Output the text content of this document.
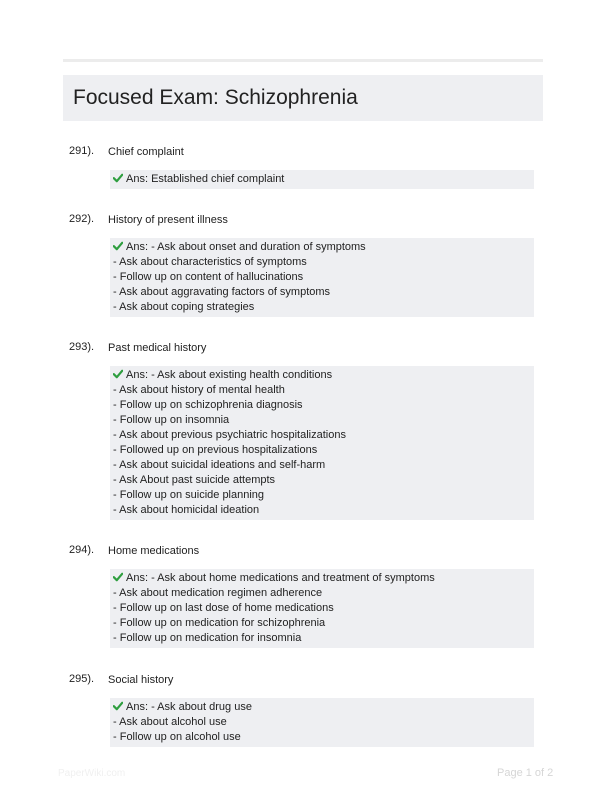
Focused Exam: Schizophrenia
291). Chief complaint
Ans: Established chief complaint
292). History of present illness
Ans: - Ask about onset and duration of symptoms
- Ask about characteristics of symptoms
- Follow up on content of hallucinations
- Ask about aggravating factors of symptoms
- Ask about coping strategies
293). Past medical history
Ans: - Ask about existing health conditions
- Ask about history of mental health
- Follow up on schizophrenia diagnosis
- Follow up on insomnia
- Ask about previous psychiatric hospitalizations
- Followed up on previous hospitalizations
- Ask about suicidal ideations and self-harm
- Ask About past suicide attempts
- Follow up on suicide planning
- Ask about homicidal ideation
294). Home medications
Ans: - Ask about home medications and treatment of symptoms
- Ask about medication regimen adherence
- Follow up on last dose of home medications
- Follow up on medication for schizophrenia
- Follow up on medication for insomnia
295). Social history
Ans: - Ask about drug use
- Ask about alcohol use
- Follow up on alcohol use
PaperWiki.com	Page 1 of 2
